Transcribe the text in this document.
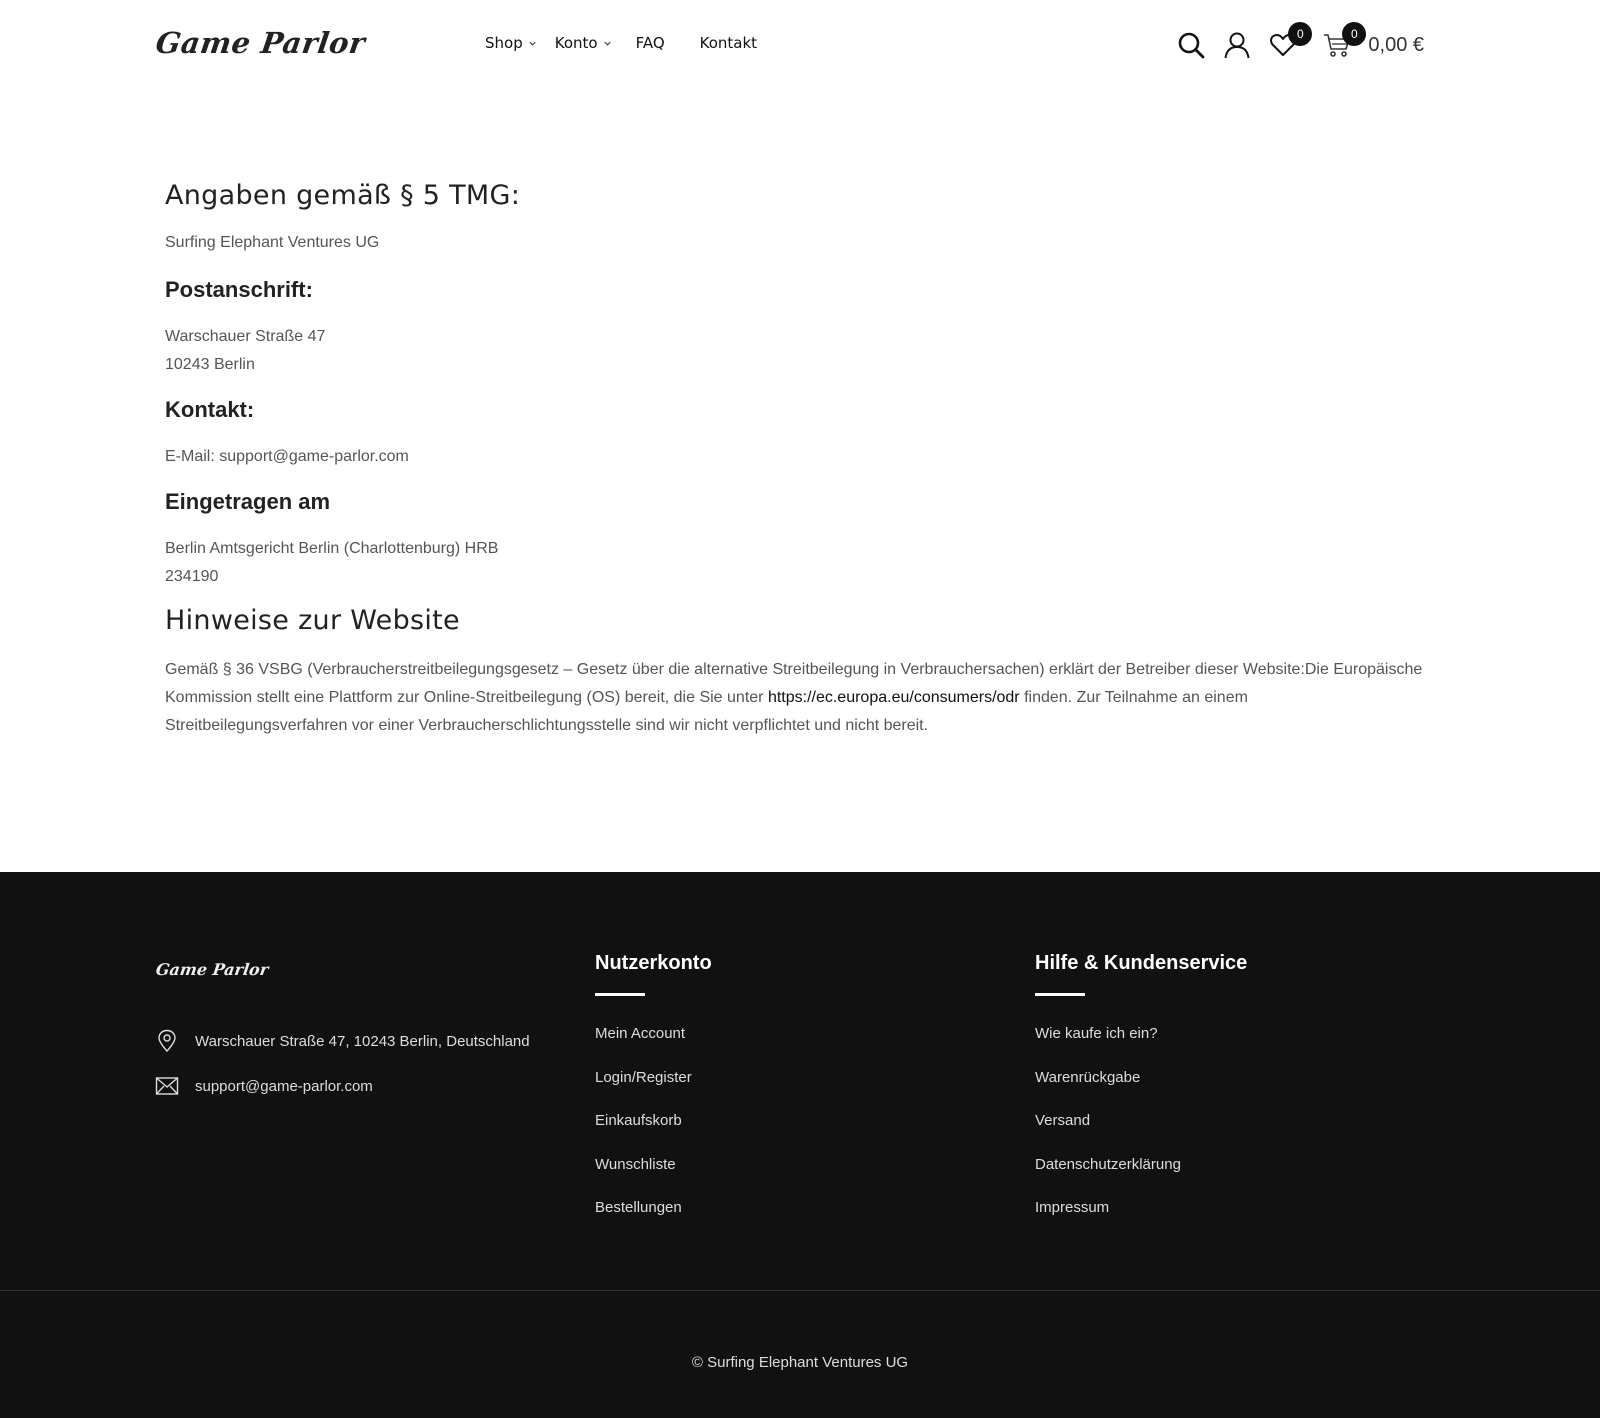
Game Parlor	Shop Konto	FAQ Kontakt	0	0 0,00 €
Angaben gemäß § 5 TMG:

Surfing Elephant Ventures UG

Postanschrift:

Warschauer Straße 47

10243 Berlin

Kontakt:

E-Mail: support@game-parlor.com

Eingetragen am

Berlin Amtsgericht Berlin (Charlottenburg) HRB

234190

Hinweise zur Website

Gemäß § 36 VSBG (Verbraucherstreitbeilegungsgesetz – Gesetz über die alternative Streitbeilegung in Verbrauchersachen) erklärt der Betreiber dieser Website:Die Europäische Kommission stellt eine Plattform zur Online-Streitbeilegung (OS) bereit, die Sie unter https://ec.europa.eu/consumers/odr finden. Zur Teilnahme an einem Streitbeilegungsverfahren vor einer Verbraucherschlichtungsstelle sind wir nicht verpflichtet und nicht bereit.

Game Parlor
Warschauer Straße 47, 10243 Berlin, Deutschland
support@game-parlor.com
Nutzerkonto
Mein Account
Login/Register
Einkaufskorb
Wunschliste
Bestellungen
Hilfe & Kundenservice
Wie kaufe ich ein?
Warenrückgabe
Versand
Datenschutzerklärung
Impressum
© Surfing Elephant Ventures UG
